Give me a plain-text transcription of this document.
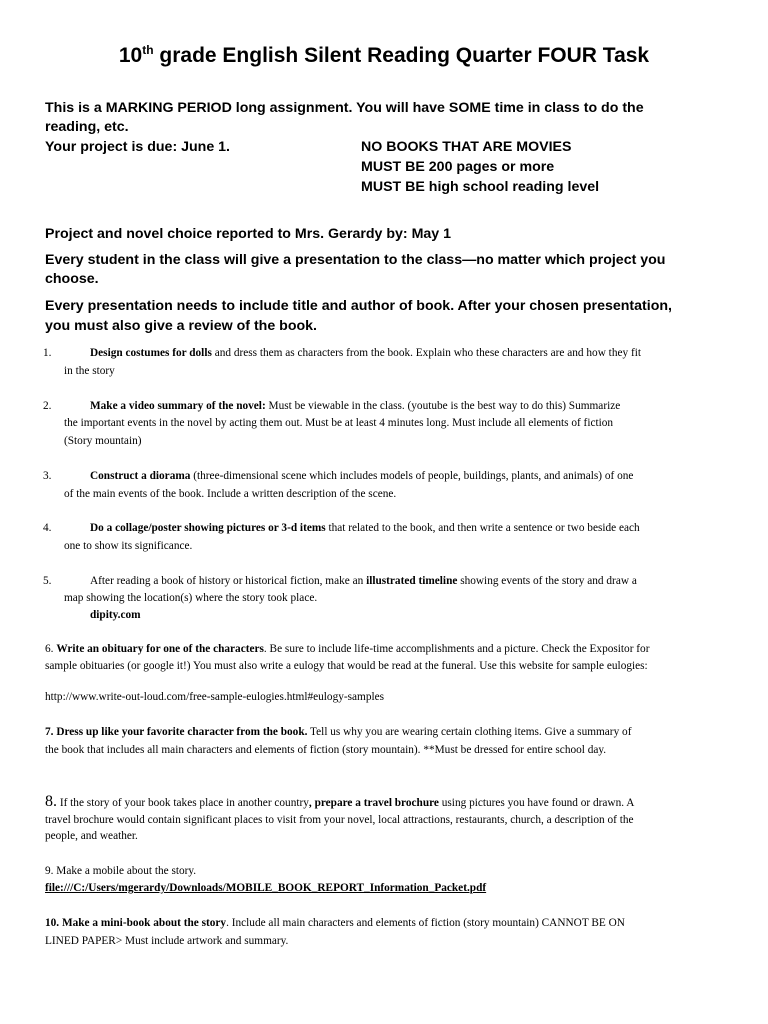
10th grade English Silent Reading Quarter FOUR Task
This is a MARKING PERIOD long assignment. You will have SOME time in class to do the
reading, etc.
Your project is due: June 1.	NO BOOKS THAT ARE MOVIES
MUST BE 200 pages or more
MUST BE high school reading level
Project and novel choice reported to Mrs. Gerardy by: May 1
Every student in the class will give a presentation to the class—no matter which project you
choose.
Every presentation needs to include title and author of book. After your chosen presentation,
you must also give a review of the book.
1.	Design costumes for dolls and dress them as characters from the book. Explain who these characters are and how they fit
in the story
2.	Make a video summary of the novel: Must be viewable in the class. (youtube is the best way to do this) Summarize
the important events in the novel by acting them out. Must be at least 4 minutes long. Must include all elements of fiction
(Story mountain)
3.	Construct a diorama (three-dimensional scene which includes models of people, buildings, plants, and animals) of one
of the main events of the book. Include a written description of the scene.
4.	Do a collage/poster showing pictures or 3-d items that related to the book, and then write a sentence or two beside each
one to show its significance.
5.	After reading a book of history or historical fiction, make an illustrated timeline showing events of the story and draw a
map showing the location(s) where the story took place.
dipity.com
6. Write an obituary for one of the characters. Be sure to include life-time accomplishments and a picture. Check the Expositor for
sample obituaries (or google it!) You must also write a eulogy that would be read at the funeral. Use this website for sample eulogies:
http://www.write-out-loud.com/free-sample-eulogies.html#eulogy-samples
7. Dress up like your favorite character from the book. Tell us why you are wearing certain clothing items. Give a summary of
the book that includes all main characters and elements of fiction (story mountain). **Must be dressed for entire school day.
8. If the story of your book takes place in another country, prepare a travel brochure using pictures you have found or drawn. A
travel brochure would contain significant places to visit from your novel, local attractions, restaurants, church, a description of the
people, and weather.
9. Make a mobile about the story.
file:///C:/Users/mgerardy/Downloads/MOBILE_BOOK_REPORT_Information_Packet.pdf
10. Make a mini-book about the story. Include all main characters and elements of fiction (story mountain) CANNOT BE ON
LINED PAPER> Must include artwork and summary.
